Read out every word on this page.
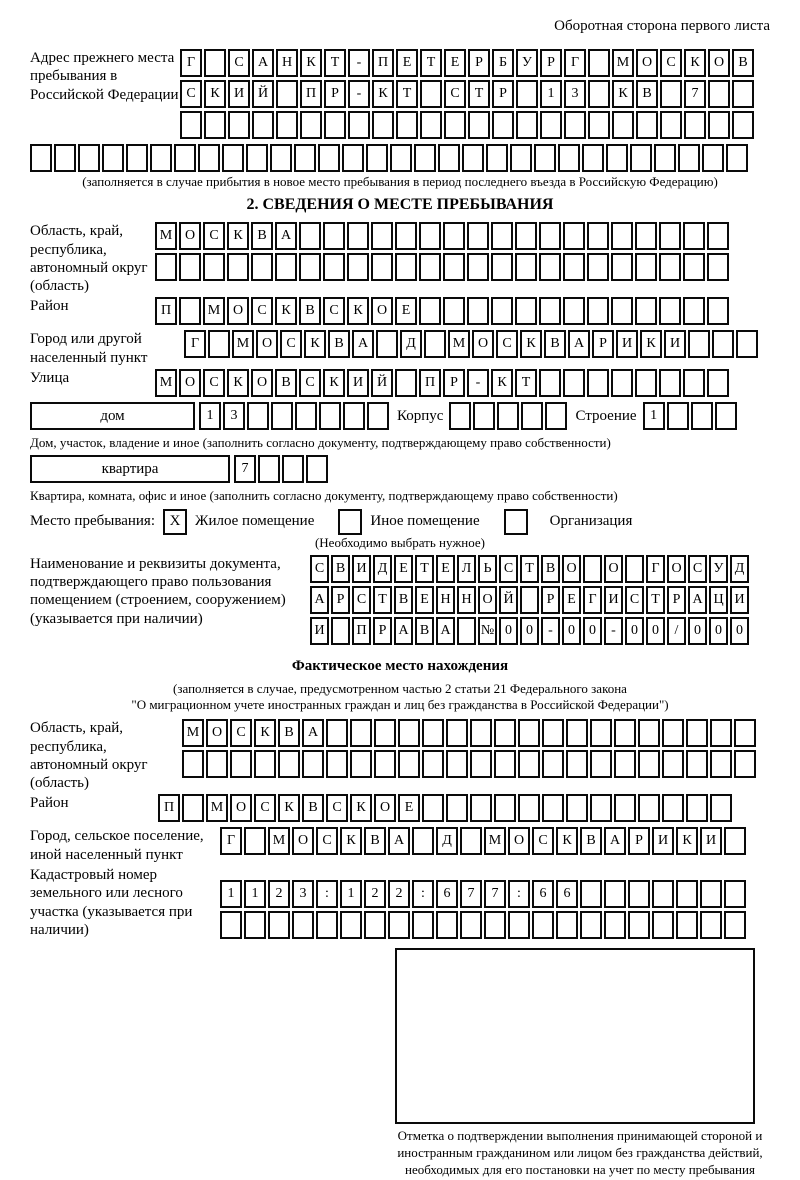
Оборотная сторона первого листа
Адрес прежнего места пребывания в Российской Федерации
Г	С	А Н	К	Т	-	П	Е	Т	Е	Р	Б	У	Р	Г	М О	С	К	О	В
С	К	И Й	П	Р	-	К	Т	С	Т	Р	1	3	К	В	7
(заполняется в случае прибытия в новое место пребывания в период последнего въезда в Российскую Федерацию)
2. СВЕДЕНИЯ О МЕСТЕ ПРЕБЫВАНИЯ
Область, край, республика, автономный округ (область)
М О	С	К	В	А
Район	П	М О	С	К	В	С	К	О	Е
Город или другой населенный пункт
Г	М О	С	К	В	А	Д	М О	С	К	В	А	Р	И	К	И
Улица	М О	С	К	О	В	С	К	И Й	П	Р	-	К	Т
дом	1	3	Корпус	Строение 1
Дом, участок, владение и иное (заполнить согласно документу, подтверждающему право собственности)
квартира	7
Квартира, комната, офис и иное (заполнить согласно документу, подтверждающему право собственности)
Место пребывания: X Жилое помещение	Иное помещение	Организация
(Необходимо выбрать нужное)
Наименование и реквизиты документа, подтверждающего право пользования помещением (строением, сооружением) (указывается при наличии)
С В И Д Е Т Е Л Ь С Т В О	О	Г О С У Д
А Р С Т В Е Н Н О Й	Р Е Г И С Т Р А Ц И
И	П Р А В А	№ 0	0	-	0	0	-	0	0	/	0	0	0
Фактическое место нахождения
(заполняется в случае, предусмотренном частью 2 статьи 21 Федерального закона
"О миграционном учете иностранных граждан и лиц без гражданства в Российской Федерации")
Область, край, республика, автономный округ (область)
М О	С	К	В	А
Район	П	М О	С	К	В	С	К	О	Е
Город, сельское поселение, иной населенный пункт
Г	М О	С	К	В	А	Д	М О	С	К	В	А	Р	И	К	И
Кадастровый номер земельного или лесного участка (указывается при наличии)
1	1	2	3	:	1	2	2	:	6	7	7	:	6	6
Отметка о подтверждении выполнения принимающей стороной и иностранным гражданином или лицом без гражданства действий, необходимых для его постановки на учет по месту пребывания
